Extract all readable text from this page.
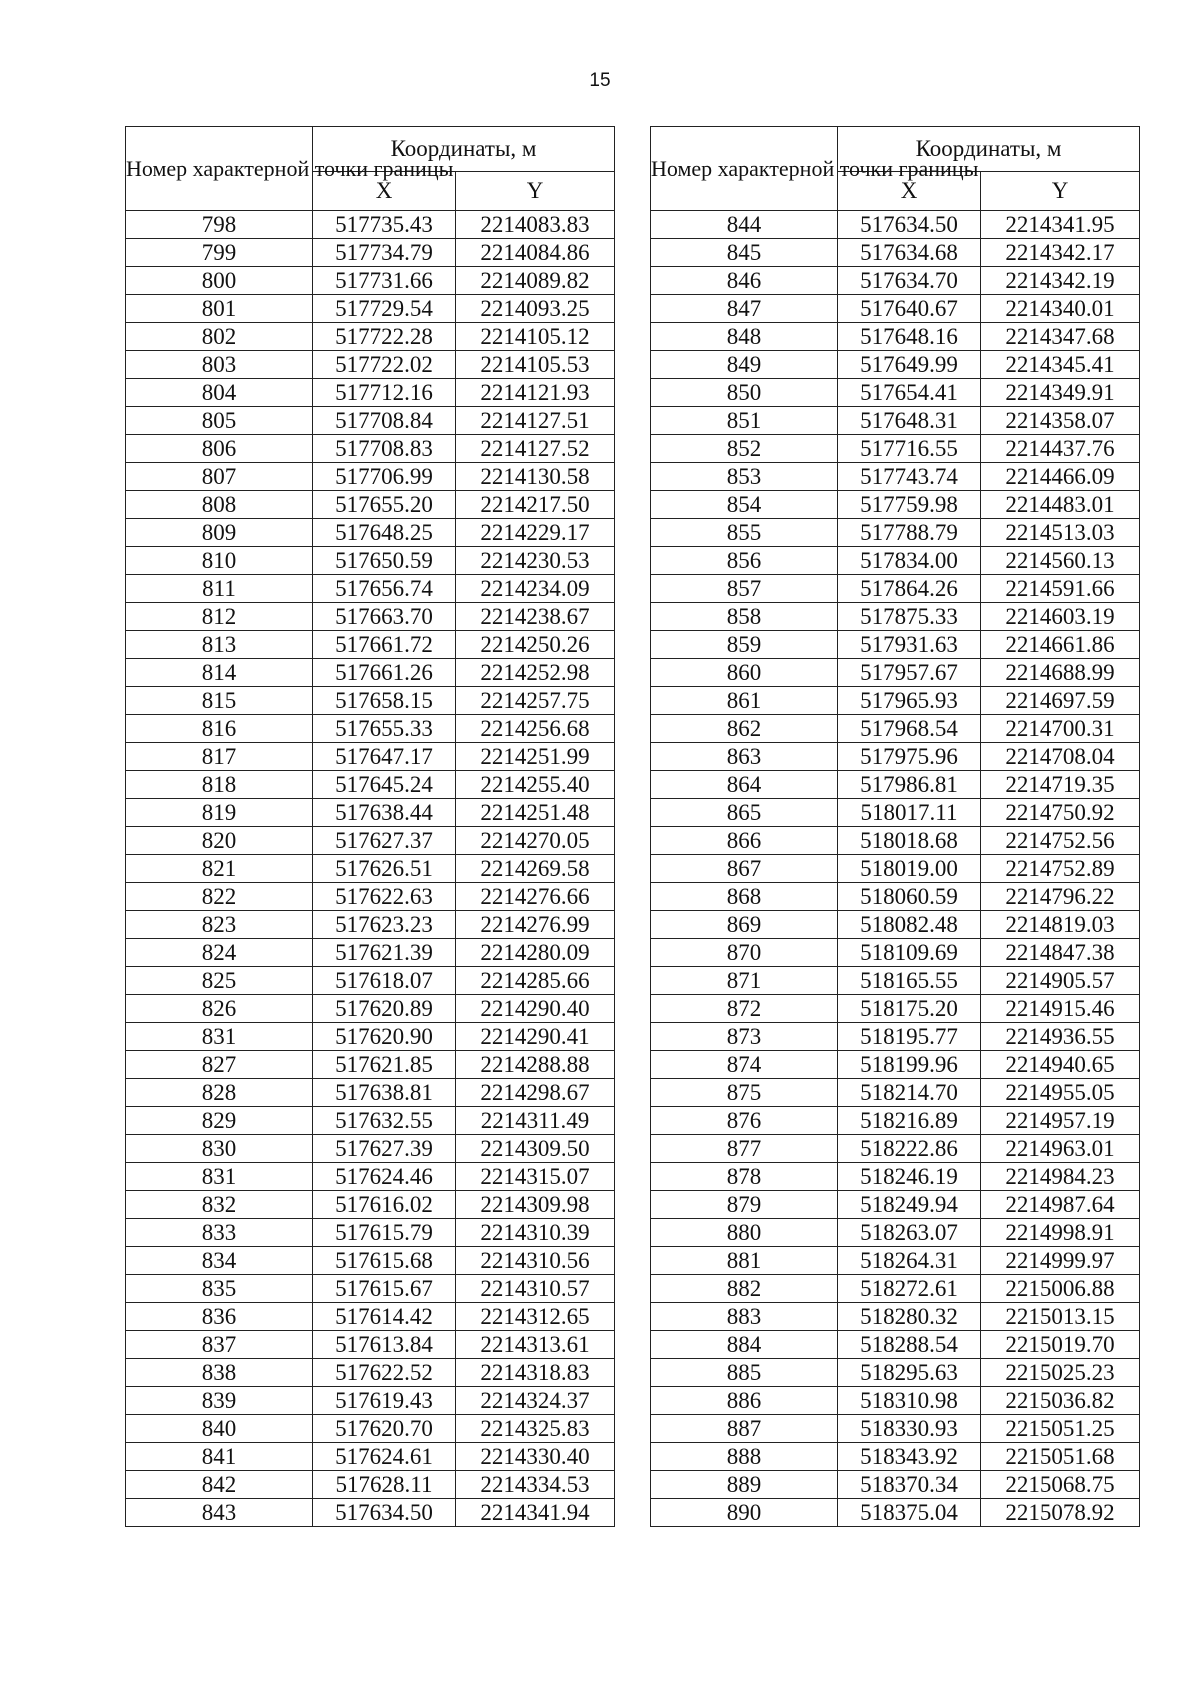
15
Номер характерной точки границы	Координаты, м	
	X	Y
798	517735.43	2214083.83
799	517734.79	2214084.86
800	517731.66	2214089.82
801	517729.54	2214093.25
802	517722.28	2214105.12
803	517722.02	2214105.53
804	517712.16	2214121.93
805	517708.84	2214127.51
806	517708.83	2214127.52
807	517706.99	2214130.58
808	517655.20	2214217.50
809	517648.25	2214229.17
810	517650.59	2214230.53
811	517656.74	2214234.09
812	517663.70	2214238.67
813	517661.72	2214250.26
814	517661.26	2214252.98
815	517658.15	2214257.75
816	517655.33	2214256.68
817	517647.17	2214251.99
818	517645.24	2214255.40
819	517638.44	2214251.48
820	517627.37	2214270.05
821	517626.51	2214269.58
822	517622.63	2214276.66
823	517623.23	2214276.99
824	517621.39	2214280.09
825	517618.07	2214285.66
826	517620.89	2214290.40
831	517620.90	2214290.41
827	517621.85	2214288.88
828	517638.81	2214298.67
829	517632.55	2214311.49
830	517627.39	2214309.50
831	517624.46	2214315.07
832	517616.02	2214309.98
833	517615.79	2214310.39
834	517615.68	2214310.56
835	517615.67	2214310.57
836	517614.42	2214312.65
837	517613.84	2214313.61
838	517622.52	2214318.83
839	517619.43	2214324.37
840	517620.70	2214325.83
841	517624.61	2214330.40
842	517628.11	2214334.53
843	517634.50	2214341.94
Номер характерной точки границы	Координаты, м	
	X	Y
844	517634.50	2214341.95
845	517634.68	2214342.17
846	517634.70	2214342.19
847	517640.67	2214340.01
848	517648.16	2214347.68
849	517649.99	2214345.41
850	517654.41	2214349.91
851	517648.31	2214358.07
852	517716.55	2214437.76
853	517743.74	2214466.09
854	517759.98	2214483.01
855	517788.79	2214513.03
856	517834.00	2214560.13
857	517864.26	2214591.66
858	517875.33	2214603.19
859	517931.63	2214661.86
860	517957.67	2214688.99
861	517965.93	2214697.59
862	517968.54	2214700.31
863	517975.96	2214708.04
864	517986.81	2214719.35
865	518017.11	2214750.92
866	518018.68	2214752.56
867	518019.00	2214752.89
868	518060.59	2214796.22
869	518082.48	2214819.03
870	518109.69	2214847.38
871	518165.55	2214905.57
872	518175.20	2214915.46
873	518195.77	2214936.55
874	518199.96	2214940.65
875	518214.70	2214955.05
876	518216.89	2214957.19
877	518222.86	2214963.01
878	518246.19	2214984.23
879	518249.94	2214987.64
880	518263.07	2214998.91
881	518264.31	2214999.97
882	518272.61	2215006.88
883	518280.32	2215013.15
884	518288.54	2215019.70
885	518295.63	2215025.23
886	518310.98	2215036.82
887	518330.93	2215051.25
888	518343.92	2215051.68
889	518370.34	2215068.75
890	518375.04	2215078.92
